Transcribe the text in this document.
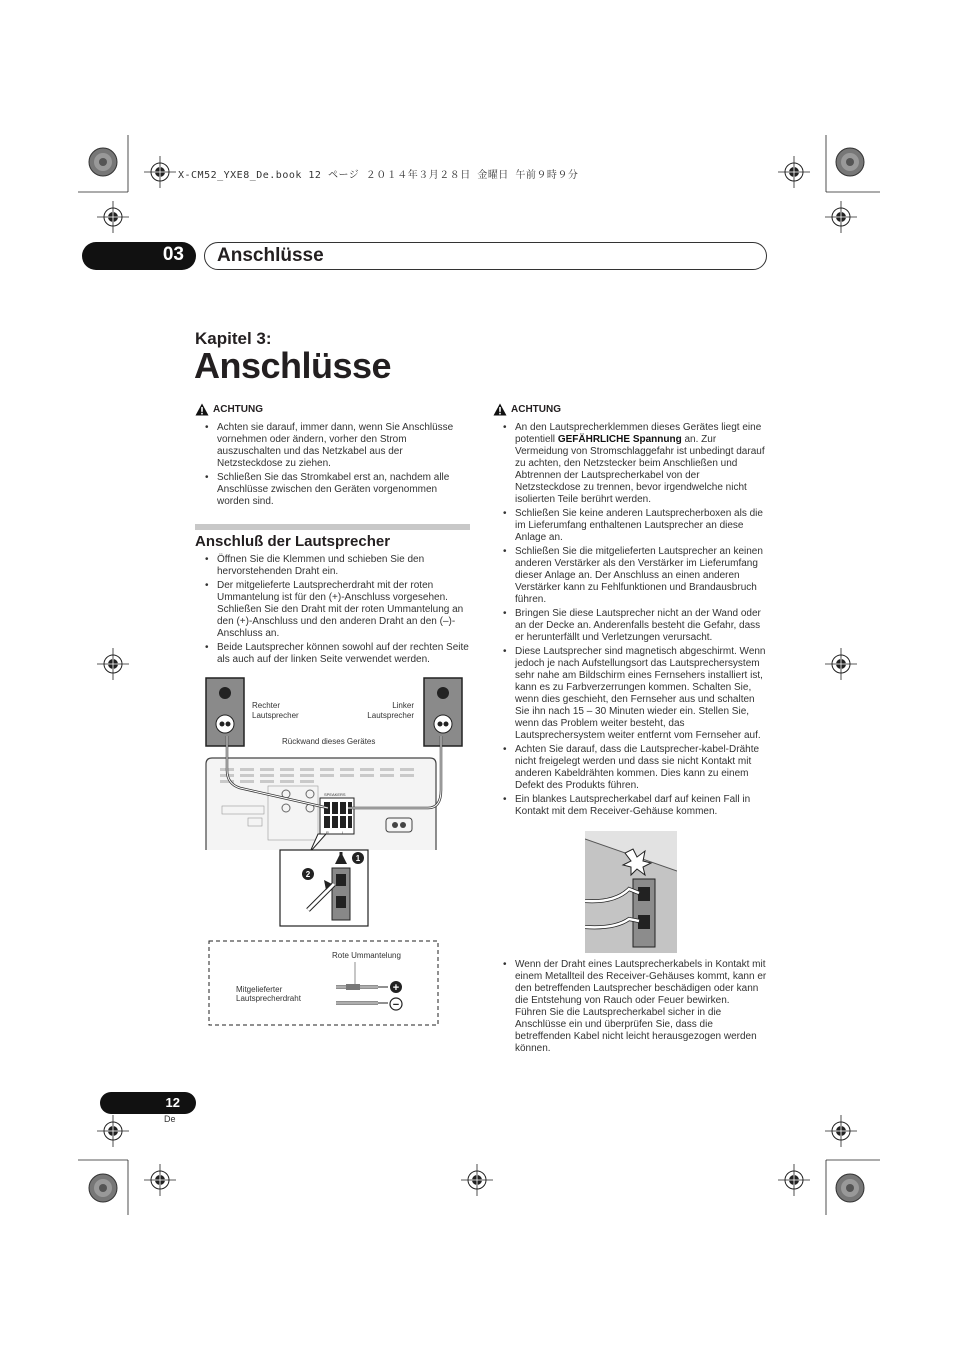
X-CM52_YXE8_De.book 12 ページ ２０１４年３月２８日 金曜日 午前９時９分
03	Anschlüsse
Kapitel 3:
Anschlüsse
ACHTUNG
• Achten sie darauf, immer dann, wenn Sie Anschlüsse vornehmen oder ändern, vorher den Strom auszuschalten und das Netzkabel aus der Netzsteckdose zu ziehen.
• Schließen Sie das Stromkabel erst an, nachdem alle Anschlüsse zwischen den Geräten vorgenommen worden sind.
Anschluß der Lautsprecher
• Öffnen Sie die Klemmen und schieben Sie den hervorstehenden Draht ein.
• Der mitgelieferte Lautsprecherdraht mit der roten Ummantelung ist für den (+)-Anschluss vorgesehen. Schließen Sie den Draht mit der roten Ummantelung an den (+)-Anschluss und den anderen Draht an den (–)-Anschluss an.
• Beide Lautsprecher können sowohl auf der rechten Seite als auch auf der linken Seite verwendet werden.
Rechter
Lautsprecher
Linker
Lautsprecher
Rückwand dieses Gerätes
SPEAKERS
R	L
1
2
Rote Ummantelung
Mitgelieferter
Lautsprecherdraht
+
−
ACHTUNG
• An den Lautsprecherklemmen dieses Gerätes liegt eine potentiell GEFÄHRLICHE Spannung an. Zur Vermeidung von Stromschlaggefahr ist unbedingt darauf zu achten, den Netzstecker beim Anschließen und Abtrennen der Lautsprecherkabel von der Netzsteckdose zu trennen, bevor irgendwelche nicht isolierten Teile berührt werden.
• Schließen Sie keine anderen Lautsprecherboxen als die im Lieferumfang enthaltenen Lautsprecher an diese Anlage an.
• Schließen Sie die mitgelieferten Lautsprecher an keinen anderen Verstärker als den Verstärker im Lieferumfang dieser Anlage an. Der Anschluss an einen anderen Verstärker kann zu Fehlfunktionen und Brandausbruch führen.
• Bringen Sie diese Lautsprecher nicht an der Wand oder an der Decke an. Anderenfalls besteht die Gefahr, dass er herunterfällt und Verletzungen verursacht.
• Diese Lautsprecher sind magnetisch abgeschirmt. Wenn jedoch je nach Aufstellungsort das Lautsprechersystem sehr nahe am Bildschirm eines Fernsehers installiert ist, kann es zu Farbverzerrungen kommen. Schalten Sie, wenn dies geschieht, den Fernseher aus und schalten Sie ihn nach 15 – 30 Minuten wieder ein. Stellen Sie, wenn das Problem weiter besteht, das Lautsprechersystem weiter entfernt vom Fernseher auf.
• Achten Sie darauf, dass die Lautsprecher-kabel-Drähte nicht freigelegt werden und dass sie nicht Kontakt mit anderen Kabeldrähten kommen. Dies kann zu einem Defekt des Produkts führen.
• Ein blankes Lautsprecherkabel darf auf keinen Fall in Kontakt mit dem Receiver-Gehäuse kommen.
• Wenn der Draht eines Lautsprecherkabels in Kontakt mit einem Metallteil des Receiver-Gehäuses kommt, kann er den betreffenden Lautsprecher beschädigen oder kann die Entstehung von Rauch oder Feuer bewirken.
Führen Sie die Lautsprecherkabel sicher in die Anschlüsse ein und überprüfen Sie, dass die betreffenden Kabel nicht leicht herausgezogen werden können.
12
De
